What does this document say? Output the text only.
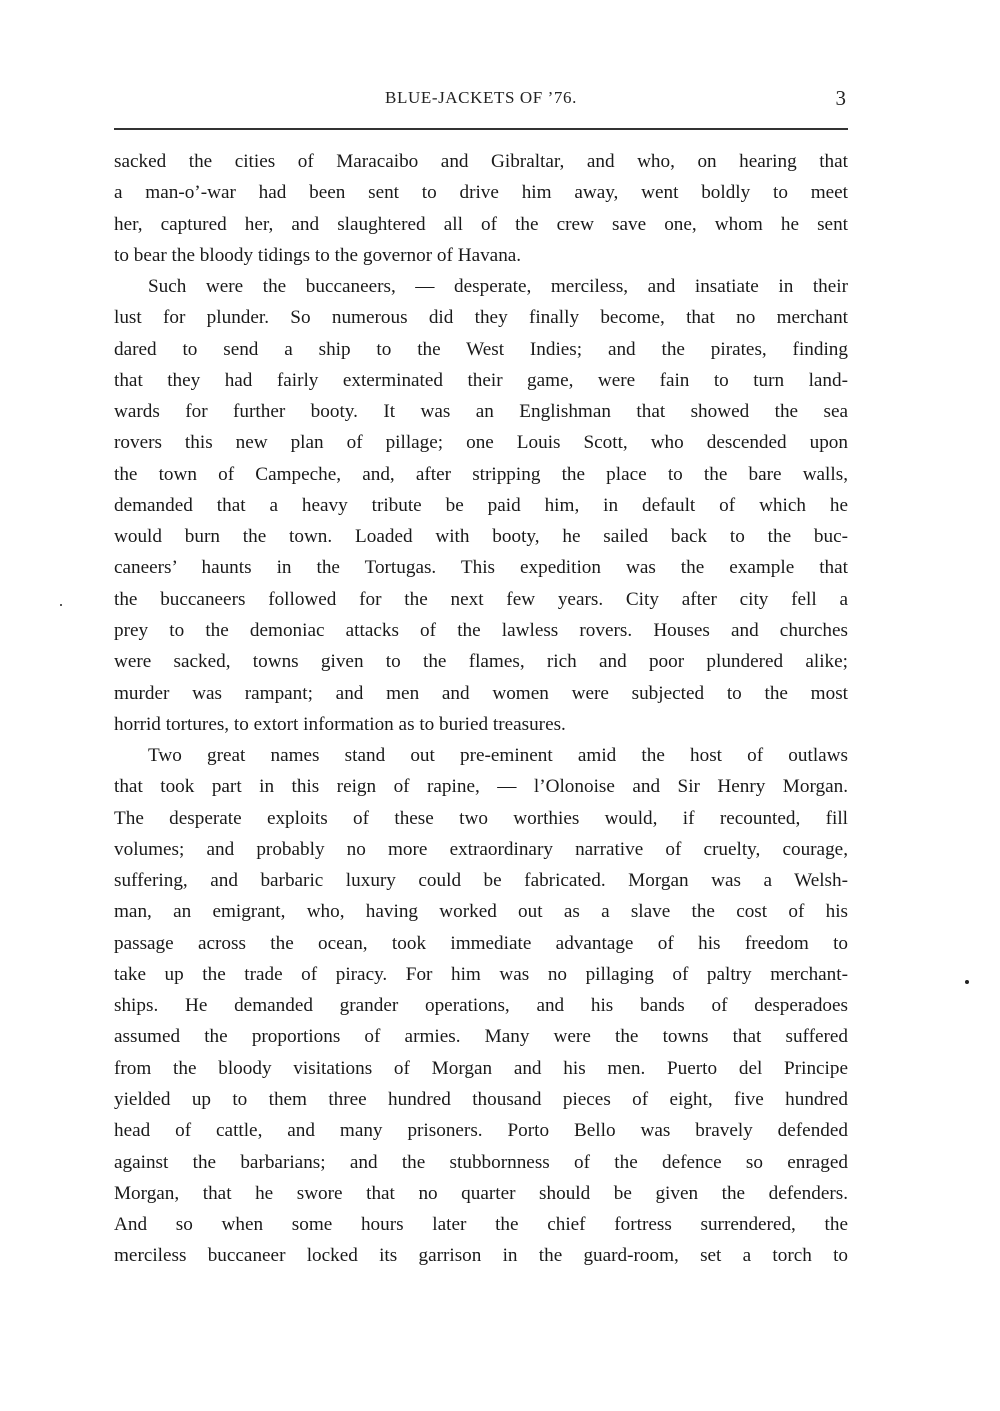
BLUE-JACKETS OF ’76.	3
sacked the cities of Maracaibo and Gibraltar, and who, on hearing that
a man-o’-war had been sent to drive him away, went boldly to meet
her, captured her, and slaughtered all of the crew save one, whom he sent
to bear the bloody tidings to the governor of Havana.
Such were the buccaneers, — desperate, merciless, and insatiate in their
lust for plunder. So numerous did they finally become, that no merchant
dared to send a ship to the West Indies; and the pirates, finding
that they had fairly exterminated their game, were fain to turn land-
wards for further booty. It was an Englishman that showed the sea
rovers this new plan of pillage; one Louis Scott, who descended upon
the town of Campeche, and, after stripping the place to the bare walls,
demanded that a heavy tribute be paid him, in default of which he
would burn the town. Loaded with booty, he sailed back to the buc-
caneers’ haunts in the Tortugas. This expedition was the example that
the buccaneers followed for the next few years. City after city fell a
prey to the demoniac attacks of the lawless rovers. Houses and churches
were sacked, towns given to the flames, rich and poor plundered alike;
murder was rampant; and men and women were subjected to the most
horrid tortures, to extort information as to buried treasures.
Two great names stand out pre-eminent amid the host of outlaws
that took part in this reign of rapine, — l’Olonoise and Sir Henry Morgan.
The desperate exploits of these two worthies would, if recounted, fill
volumes; and probably no more extraordinary narrative of cruelty, courage,
suffering, and barbaric luxury could be fabricated. Morgan was a Welsh-
man, an emigrant, who, having worked out as a slave the cost of his
passage across the ocean, took immediate advantage of his freedom to
take up the trade of piracy. For him was no pillaging of paltry merchant-
ships. He demanded grander operations, and his bands of desperadoes
assumed the proportions of armies. Many were the towns that suffered
from the bloody visitations of Morgan and his men. Puerto del Principe
yielded up to them three hundred thousand pieces of eight, five hundred
head of cattle, and many prisoners. Porto Bello was bravely defended
against the barbarians; and the stubbornness of the defence so enraged
Morgan, that he swore that no quarter should be given the defenders.
And so when some hours later the chief fortress surrendered, the
merciless buccaneer locked its garrison in the guard-room, set a torch to
